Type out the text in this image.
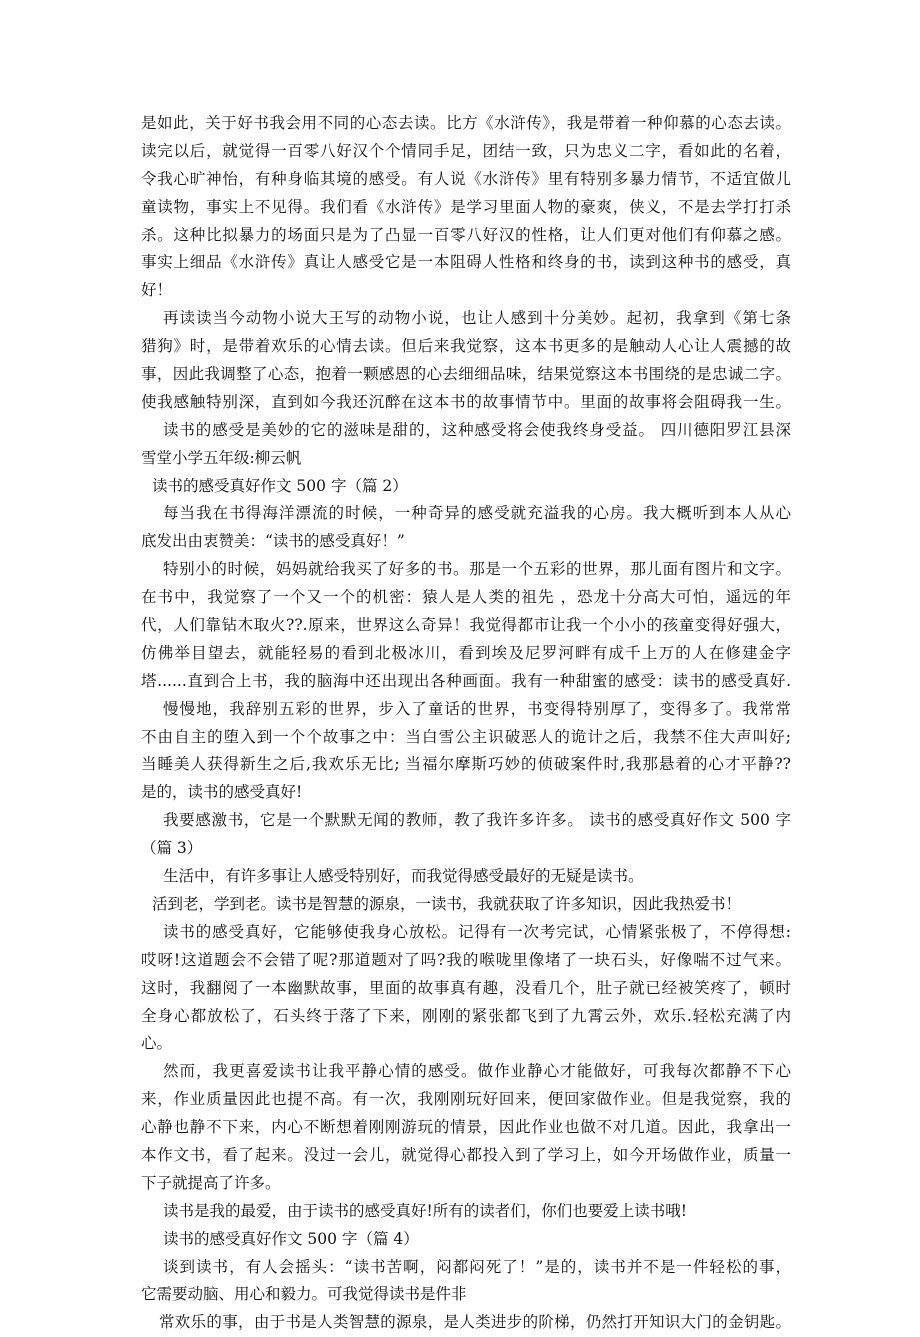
是如此，关于好书我会用不同的心态去读。比方《水浒传》，我是带着一种仰慕的心态去读。
读完以后，就觉得一百零八好汉个个情同手足，团结一致，只为忠义二字，看如此的名着，
令我心旷神怡，有种身临其境的感受。有人说《水浒传》里有特别多暴力情节，不适宜做儿
童读物，事实上不见得。我们看《水浒传》是学习里面人物的豪爽，侠义，不是去学打打杀
杀。这种比拟暴力的场面只是为了凸显一百零八好汉的性格，让人们更对他们有仰慕之感。
事实上细品《水浒传》真让人感受它是一本阻碍人性格和终身的书，读到这种书的感受，真
好！
再读读当今动物小说大王写的动物小说，也让人感到十分美妙。起初，我拿到《第七条
猎狗》时，是带着欢乐的心情去读。但后来我觉察，这本书更多的是触动人心让人震撼的故
事，因此我调整了心态，抱着一颗感恩的心去细细品味，结果觉察这本书围绕的是忠诚二字。
使我感触特别深，直到如今我还沉醉在这本书的故事情节中。里面的故事将会阻碍我一生。
读书的感受是美妙的它的滋味是甜的，这种感受将会使我终身受益。 四川德阳罗江县深
雪堂小学五年级:柳云帆
读书的感受真好作文 500 字（篇 2）
每当我在书得海洋漂流的时候，一种奇异的感受就充溢我的心房。我大概听到本人从心
底发出由衷赞美：“读书的感受真好！”
特别小的时候，妈妈就给我买了好多的书。那是一个五彩的世界，那儿面有图片和文字。
在书中，我觉察了一个又一个的机密：猿人是人类的祖先 ，恐龙十分高大可怕，遥远的年
代，人们靠钻木取火??.原来，世界这么奇异！我觉得都市让我一个小小的孩童变得好强大，
仿佛举目望去，就能轻易的看到北极冰川，看到埃及尼罗河畔有成千上万的人在修建金字
塔......直到合上书，我的脑海中还出现出各种画面。我有一种甜蜜的感受：读书的感受真好.
慢慢地，我辞别五彩的世界，步入了童话的世界，书变得特别厚了，变得多了。我常常
不由自主的堕入到一个个故事之中：当白雪公主识破恶人的诡计之后，我禁不住大声叫好;
当睡美人获得新生之后,我欢乐无比; 当福尔摩斯巧妙的侦破案件时,我那悬着的心才平静??
是的，读书的感受真好!
我要感激书，它是一个默默无闻的教师，教了我许多许多。 读书的感受真好作文 500 字
（篇 3）
生活中，有许多事让人感受特别好，而我觉得感受最好的无疑是读书。
活到老，学到老。读书是智慧的源泉，一读书，我就获取了许多知识，因此我热爱书！
读书的感受真好，它能够使我身心放松。记得有一次考完试，心情紧张极了，不停得想:
哎呀!这道题会不会错了呢?那道题对了吗?我的喉咙里像堵了一块石头，好像喘不过气来。
这时，我翻阅了一本幽默故事，里面的故事真有趣，没看几个，肚子就已经被笑疼了，顿时
全身心都放松了，石头终于落了下来，刚刚的紧张都飞到了九霄云外，欢乐.轻松充满了内
心。
然而，我更喜爱读书让我平静心情的感受。做作业静心才能做好，可我每次都静不下心
来，作业质量因此也提不高。有一次，我刚刚玩好回来，便回家做作业。但是我觉察，我的
心静也静不下来，内心不断想着刚刚游玩的情景，因此作业也做不对几道。因此，我拿出一
本作文书，看了起来。没过一会儿，就觉得心都投入到了学习上，如今开场做作业，质量一
下子就提高了许多。
读书是我的最爱，由于读书的感受真好!所有的读者们，你们也要爱上读书哦!
读书的感受真好作文 500 字（篇 4）
谈到读书，有人会摇头：“读书苦啊，闷都闷死了！”是的，读书并不是一件轻松的事，
它需要动脑、用心和毅力。可我觉得读书是件非
常欢乐的事，由于书是人类智慧的源泉，是人类进步的阶梯，仍然打开知识大门的金钥匙。
